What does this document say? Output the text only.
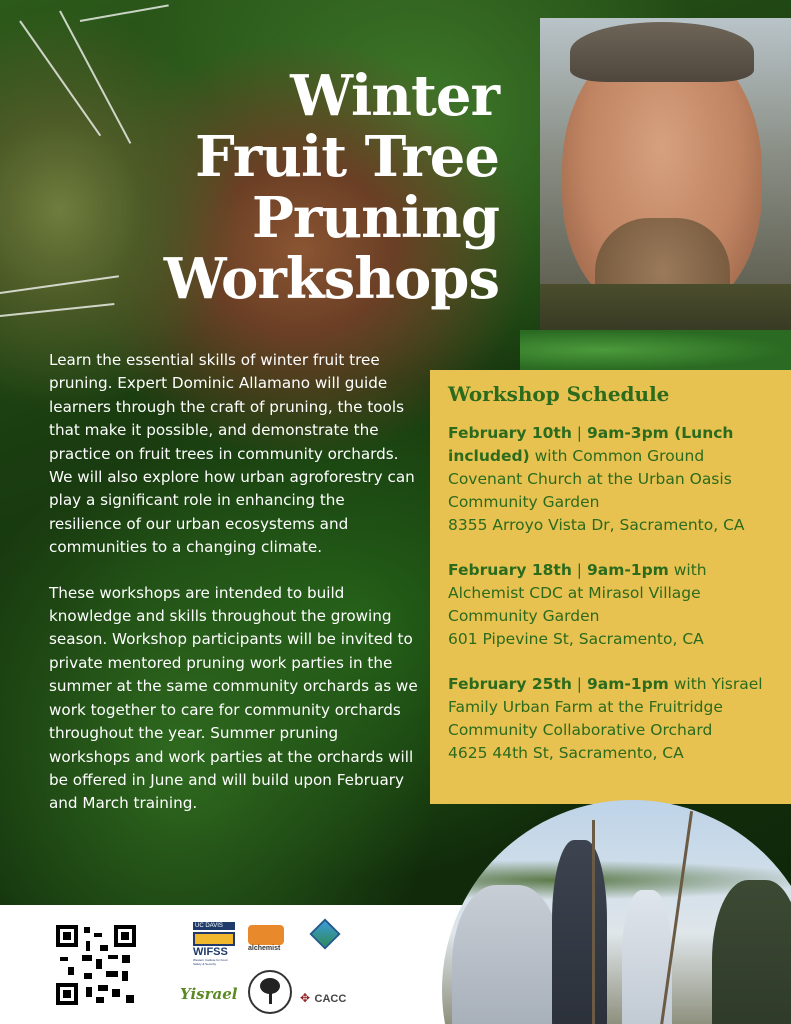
Winter
Fruit Tree
Pruning
Workshops

Learn the essential skills of winter fruit tree pruning. Expert Dominic Allamano will guide learners through the craft of pruning, the tools that make it possible, and demonstrate the practice on fruit trees in community orchards. We will also explore how urban agroforestry can play a significant role in enhancing the resilience of our urban ecosystems and communities to a changing climate.

These workshops are intended to build knowledge and skills throughout the growing season. Workshop participants will be invited to private mentored pruning work parties in the summer at the same community orchards as we work together to care for community orchards throughout the year. Summer pruning workshops and work parties at the orchards will be offered in June and will build upon February and March training.

Workshop Schedule
February 10th | 9am-3pm (Lunch included) with Common Ground Covenant Church at the Urban Oasis Community Garden
8355 Arroyo Vista Dr, Sacramento, CA
February 18th | 9am-1pm with Alchemist CDC at Mirasol Village Community Garden
601 Pipevine St, Sacramento, CA
February 25th | 9am-1pm with Yisrael Family Urban Farm at the Fruitridge Community Collaborative Orchard
4625 44th St, Sacramento, CA
UC DAVIS
WIFSS
Western Institute for Food Safety & Security
alchemist
Yisrael	✥ CACC
